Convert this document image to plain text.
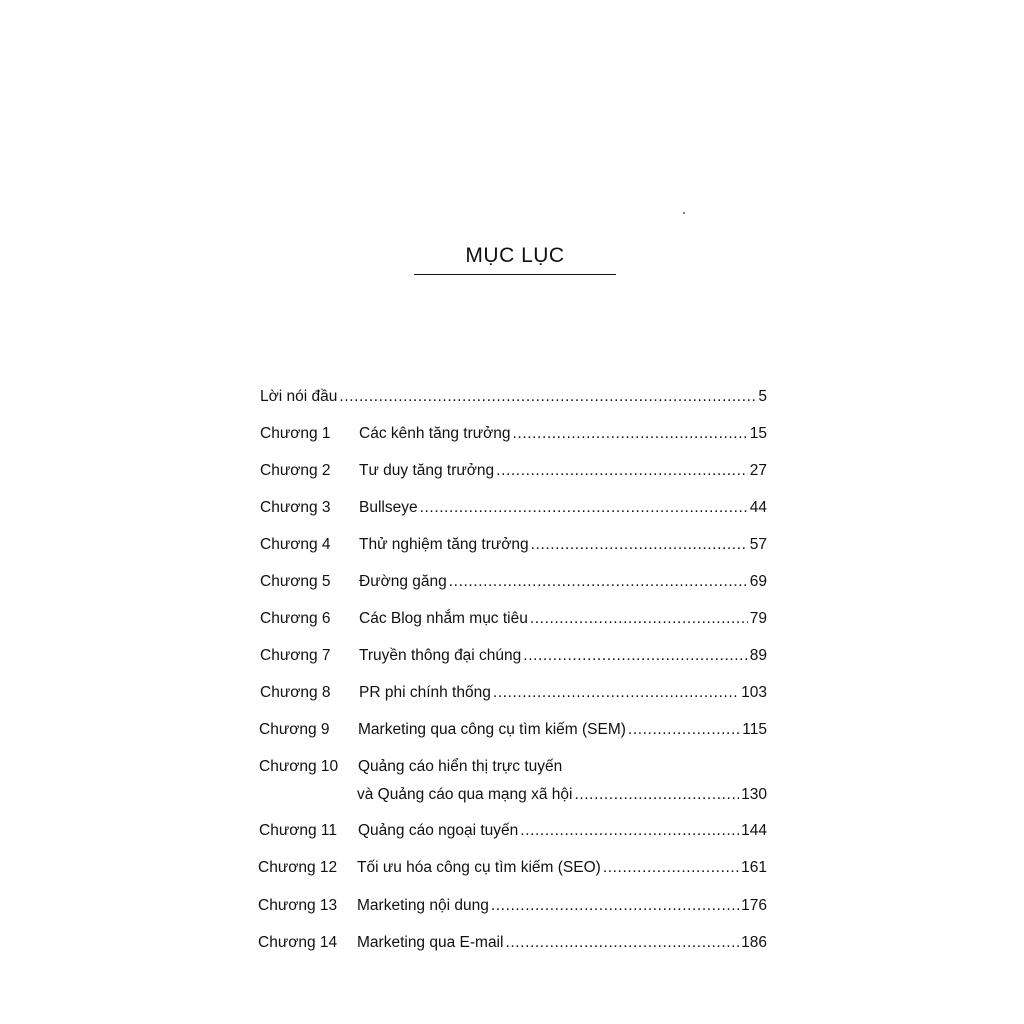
MỤC LỤC
Lời nói đầu .....	5
Chương 1	Các kênh tăng trưởng .....	15
Chương 2	Tư duy tăng trưởng .....	27
Chương 3	Bullseye .....	44
Chương 4	Thử nghiệm tăng trưởng .....	57
Chương 5	Đường găng .....	69
Chương 6	Các Blog nhắm mục tiêu .....	79
Chương 7	Truyền thông đại chúng .....	89
Chương 8	PR phi chính thống .....	103
Chương 9	Marketing qua công cụ tìm kiếm (SEM) .....	115
Chương 10	Quảng cáo hiển thị trực tuyến
và Quảng cáo qua mạng xã hội .....	130
Chương 11	Quảng cáo ngoại tuyến .....	144
Chương 12	Tối ưu hóa công cụ tìm kiếm (SEO) .....	161
Chương 13	Marketing nội dung .....	176
Chương 14	Marketing qua E-mail .....	186
